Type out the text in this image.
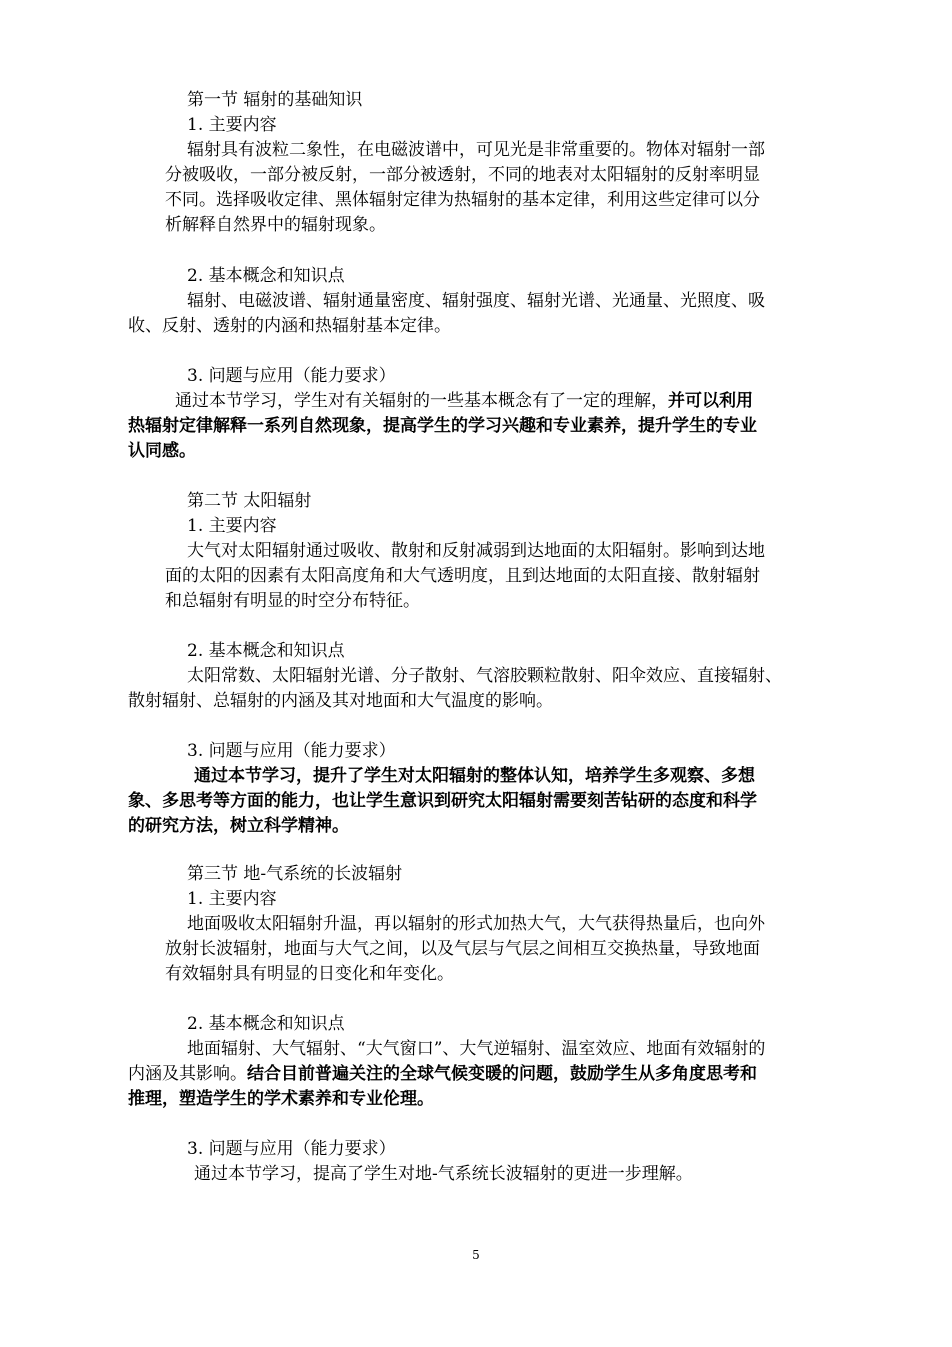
第一节 辐射的基础知识
1. 主要内容
辐射具有波粒二象性，在电磁波谱中，可见光是非常重要的。物体对辐射一部
分被吸收，一部分被反射，一部分被透射，不同的地表对太阳辐射的反射率明显
不同。选择吸收定律、黑体辐射定律为热辐射的基本定律，利用这些定律可以分
析解释自然界中的辐射现象。
2. 基本概念和知识点
辐射、电磁波谱、辐射通量密度、辐射强度、辐射光谱、光通量、光照度、吸
收、反射、透射的内涵和热辐射基本定律。
3. 问题与应用（能力要求）
通过本节学习，学生对有关辐射的一些基本概念有了一定的理解，并可以利用
热辐射定律解释一系列自然现象，提高学生的学习兴趣和专业素养，提升学生的专业
认同感。
第二节 太阳辐射
1. 主要内容
大气对太阳辐射通过吸收、散射和反射减弱到达地面的太阳辐射。影响到达地
面的太阳的因素有太阳高度角和大气透明度，且到达地面的太阳直接、散射辐射
和总辐射有明显的时空分布特征。
2. 基本概念和知识点
太阳常数、太阳辐射光谱、分子散射、气溶胶颗粒散射、阳伞效应、直接辐射、
散射辐射、总辐射的内涵及其对地面和大气温度的影响。
3. 问题与应用（能力要求）
通过本节学习，提升了学生对太阳辐射的整体认知，培养学生多观察、多想
象、多思考等方面的能力，也让学生意识到研究太阳辐射需要刻苦钻研的态度和科学
的研究方法，树立科学精神。
第三节 地-气系统的长波辐射
1. 主要内容
地面吸收太阳辐射升温，再以辐射的形式加热大气，大气获得热量后，也向外
放射长波辐射，地面与大气之间，以及气层与气层之间相互交换热量，导致地面
有效辐射具有明显的日变化和年变化。
2. 基本概念和知识点
地面辐射、大气辐射、“大气窗口”、大气逆辐射、温室效应、地面有效辐射的
内涵及其影响。结合目前普遍关注的全球气候变暖的问题，鼓励学生从多角度思考和
推理，塑造学生的学术素养和专业伦理。
3. 问题与应用（能力要求）
通过本节学习，提高了学生对地-气系统长波辐射的更进一步理解。
5
